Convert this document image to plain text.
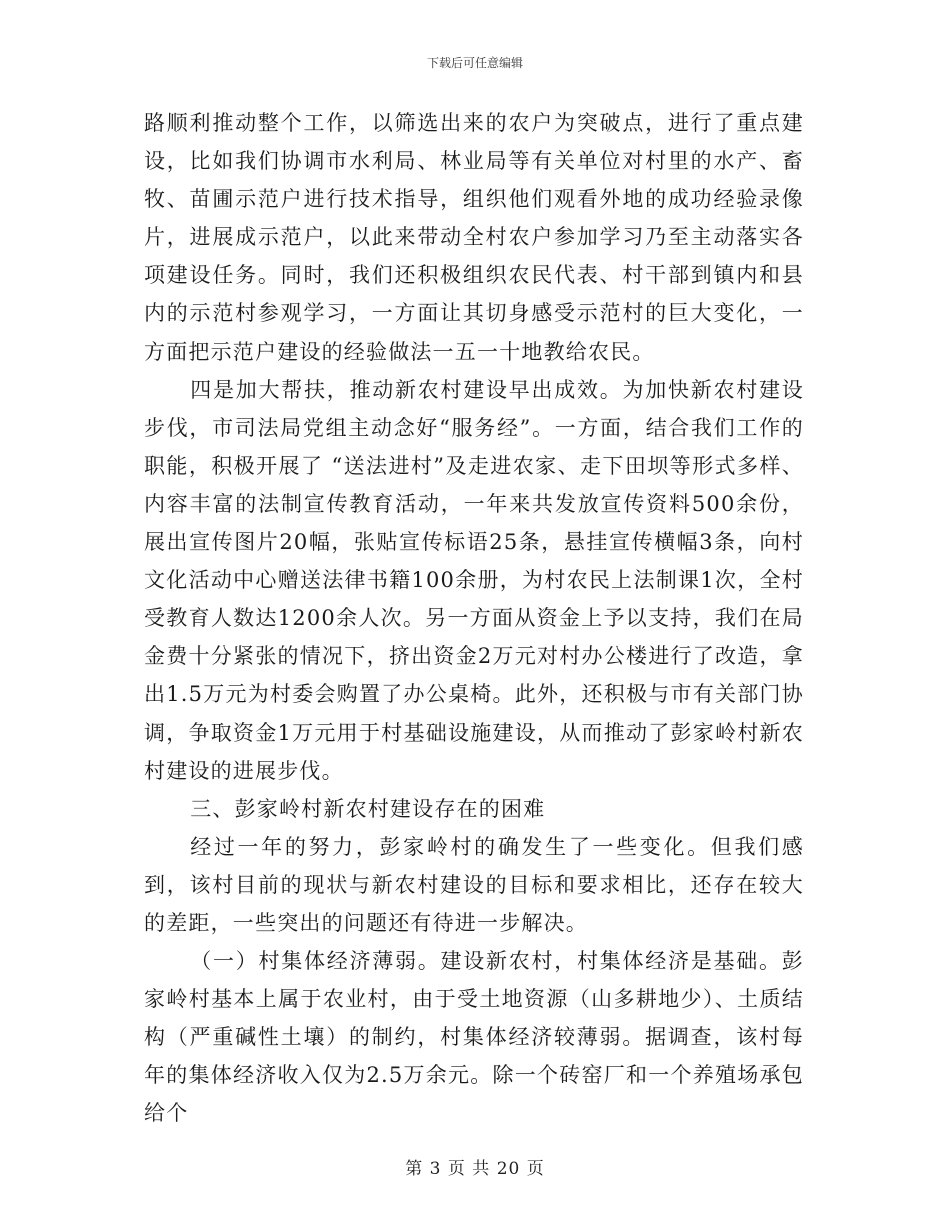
下载后可任意编辑

路顺利推动整个工作，以筛选出来的农户为突破点，进行了重点建设，比如我们协调市水利局、林业局等有关单位对村里的水产、畜牧、苗圃示范户进行技术指导，组织他们观看外地的成功经验录像片，进展成示范户，以此来带动全村农户参加学习乃至主动落实各项建设任务。同时，我们还积极组织农民代表、村干部到镇内和县内的示范村参观学习，一方面让其切身感受示范村的巨大变化，一方面把示范户建设的经验做法一五一十地教给农民。

四是加大帮扶，推动新农村建设早出成效。为加快新农村建设步伐，市司法局党组主动念好“服务经”。一方面，结合我们工作的职能，积极开展了 “送法进村”及走进农家、走下田坝等形式多样、内容丰富的法制宣传教育活动，一年来共发放宣传资料500余份，展出宣传图片20幅，张贴宣传标语25条，悬挂宣传横幅3条，向村文化活动中心赠送法律书籍100余册，为村农民上法制课1次，全村受教育人数达1200余人次。另一方面从资金上予以支持，我们在局金费十分紧张的情况下，挤出资金2万元对村办公楼进行了改造，拿出1.5万元为村委会购置了办公桌椅。此外，还积极与市有关部门协调，争取资金1万元用于村基础设施建设，从而推动了彭家岭村新农村建设的进展步伐。

三、彭家岭村新农村建设存在的困难

经过一年的努力，彭家岭村的确发生了一些变化。但我们感到，该村目前的现状与新农村建设的目标和要求相比，还存在较大的差距，一些突出的问题还有待进一步解决。

（一）村集体经济薄弱。建设新农村，村集体经济是基础。彭家岭村基本上属于农业村，由于受土地资源（山多耕地少）、土质结构（严重碱性土壤）的制约，村集体经济较薄弱。据调查，该村每年的集体经济收入仅为2.5万余元。除一个砖窑厂和一个养殖场承包给个

第 3 页 共 20 页
